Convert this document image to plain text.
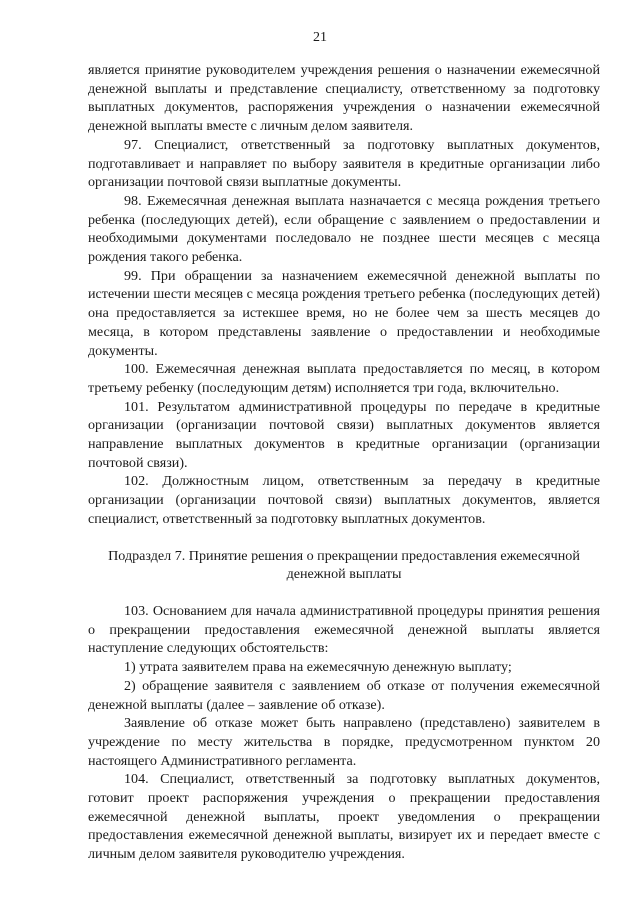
21

является принятие руководителем учреждения решения о назначении ежемесячной денежной выплаты и представление специалисту, ответственному за подготовку выплатных документов, распоряжения учреждения о назначении ежемесячной денежной выплаты вместе с личным делом заявителя.

97. Специалист, ответственный за подготовку выплатных документов, подготавливает и направляет по выбору заявителя в кредитные организации либо организации почтовой связи выплатные документы.

98. Ежемесячная денежная выплата назначается с месяца рождения третьего ребенка (последующих детей), если обращение с заявлением о предоставлении и необходимыми документами последовало не позднее шести месяцев с месяца рождения такого ребенка.

99. При обращении за назначением ежемесячной денежной выплаты по истечении шести месяцев с месяца рождения третьего ребенка (последующих детей) она предоставляется за истекшее время, но не более чем за шесть месяцев до месяца, в котором представлены заявление о предоставлении и необходимые документы.

100. Ежемесячная денежная выплата предоставляется по месяц, в котором третьему ребенку (последующим детям) исполняется три года, включительно.

101. Результатом административной процедуры по передаче в кредитные организации (организации почтовой связи) выплатных документов является направление выплатных документов в кредитные организации (организации почтовой связи).

102. Должностным лицом, ответственным за передачу в кредитные организации (организации почтовой связи) выплатных документов, является специалист, ответственный за подготовку выплатных документов.

Подраздел 7. Принятие решения о прекращении предоставления ежемесячной денежной выплаты

103. Основанием для начала административной процедуры принятия решения о прекращении предоставления ежемесячной денежной выплаты является наступление следующих обстоятельств:

1) утрата заявителем права на ежемесячную денежную выплату;

2) обращение заявителя с заявлением об отказе от получения ежемесячной денежной выплаты (далее – заявление об отказе).

Заявление об отказе может быть направлено (представлено) заявителем в учреждение по месту жительства в порядке, предусмотренном пунктом 20 настоящего Административного регламента.

104. Специалист, ответственный за подготовку выплатных документов, готовит проект распоряжения учреждения о прекращении предоставления ежемесячной денежной выплаты, проект уведомления о прекращении предоставления ежемесячной денежной выплаты, визирует их и передает вместе с личным делом заявителя руководителю учреждения.
